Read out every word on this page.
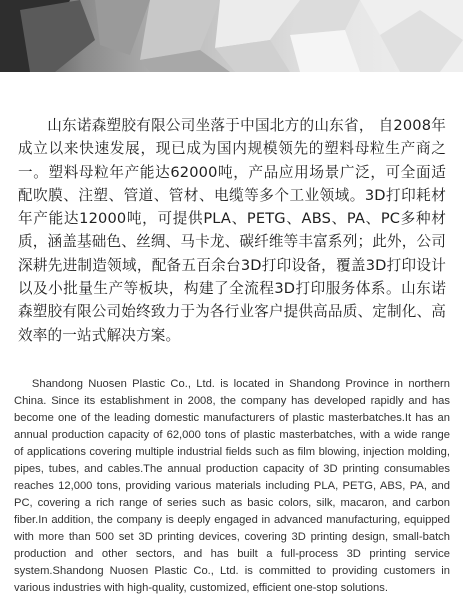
山东诺森塑胶有限公司坐落于中国北方的山东省， 自2008年成立以来快速发展，现已成为国内规模领先的塑料母粒生产商之一。塑料母粒年产能达62000吨，产品应用场景广泛，可全面适配吹膜、注塑、管道、管材、电缆等多个工业领域。3D打印耗材年产能达12000吨，可提供PLA、PETG、ABS、PA、PC多种材质，涵盖基础色、丝绸、马卡龙、碳纤维等丰富系列；此外，公司深耕先进制造领域，配备五百余台3D打印设备，覆盖3D打印设计以及小批量生产等板块，构建了全流程3D打印服务体系。山东诺森塑胶有限公司始终致力于为各行业客户提供高品质、定制化、高效率的一站式解决方案。

Shandong Nuosen Plastic Co., Ltd. is located in Shandong Province in northern China. Since its establishment in 2008, the company has developed rapidly and has become one of the leading domestic manufacturers of plastic masterbatches.It has an annual production capacity of 62,000 tons of plastic masterbatches, with a wide range of applications covering multiple industrial fields such as film blowing, injection molding, pipes, tubes, and cables.The annual production capacity of 3D printing consumables reaches 12,000 tons, providing various materials including PLA, PETG, ABS, PA, and PC, covering a rich range of series such as basic colors, silk, macaron, and carbon fiber.In addition, the company is deeply engaged in advanced manufacturing, equipped with more than 500 set 3D printing devices, covering 3D printing design, small-batch production and other sectors, and has built a full-process 3D printing service system.Shandong Nuosen Plastic Co., Ltd. is committed to providing customers in various industries with high-quality, customized, efficient one-stop solutions.
